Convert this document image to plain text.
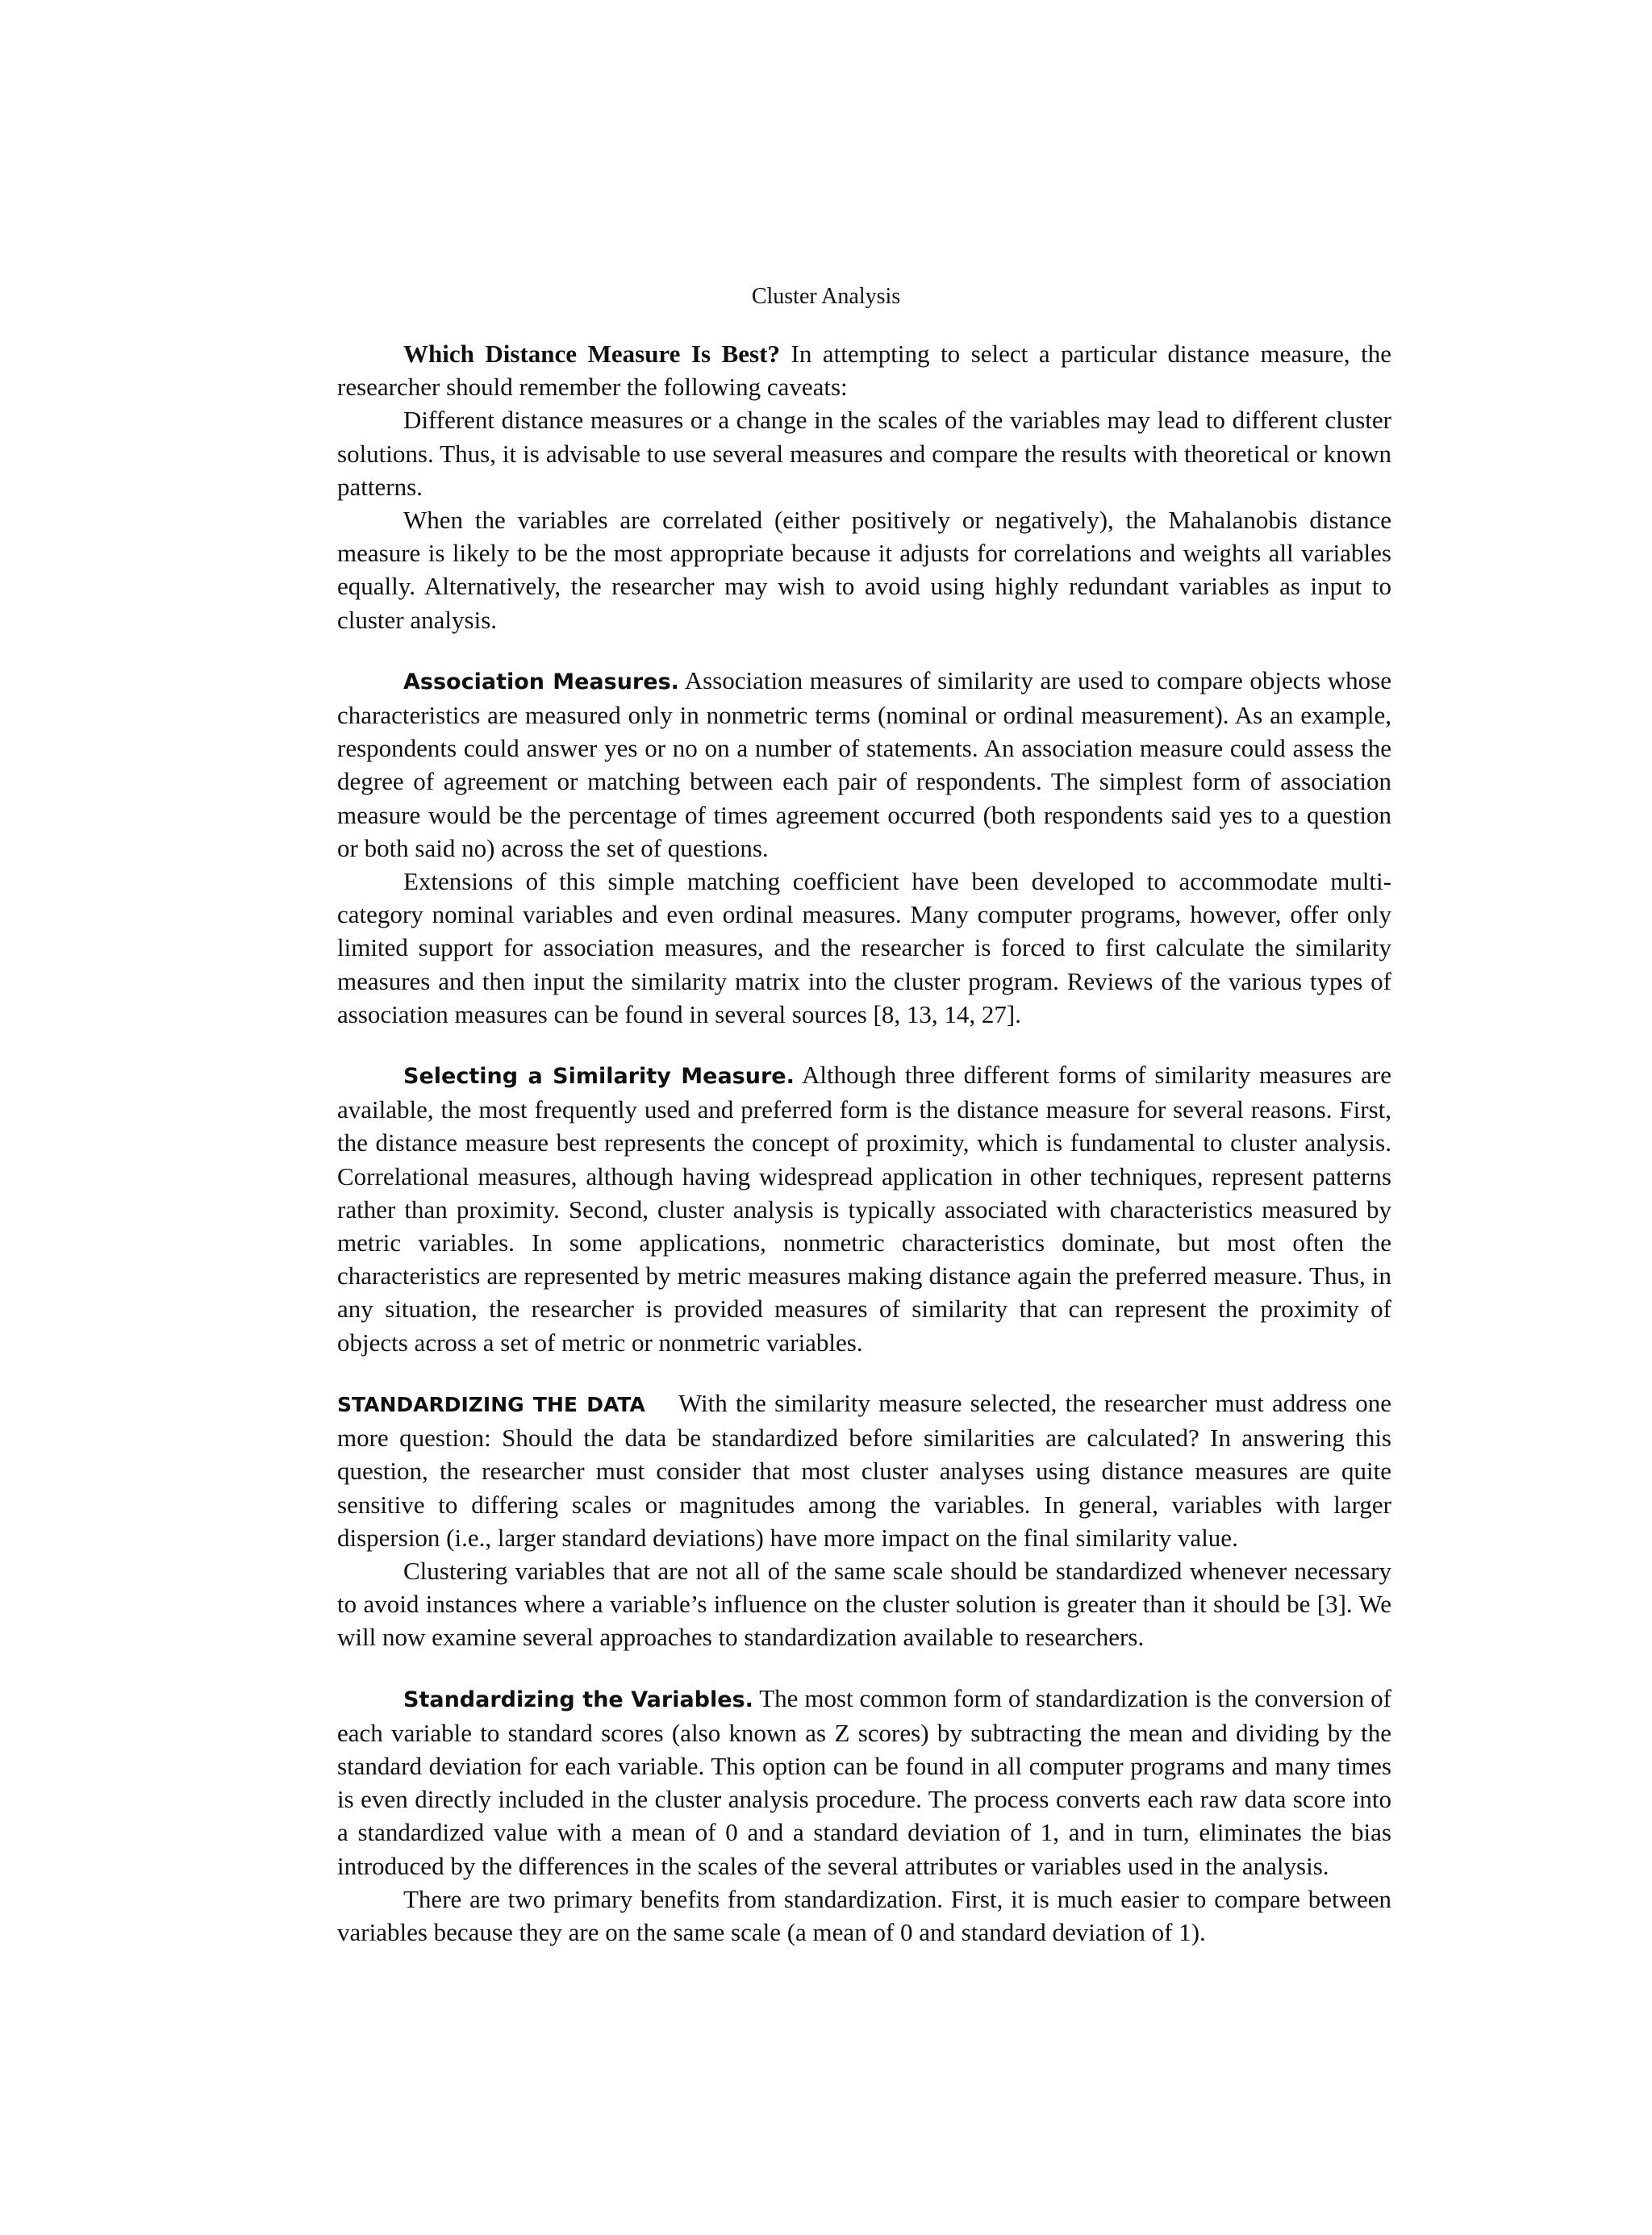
Cluster Analysis

Which Distance Measure Is Best? In attempting to select a particular distance measure, the researcher should remember the following caveats:

Different distance measures or a change in the scales of the variables may lead to different cluster solutions. Thus, it is advisable to use several measures and compare the results with theoretical or known patterns.

When the variables are correlated (either positively or negatively), the Mahalanobis distance measure is likely to be the most appropriate because it adjusts for correlations and weights all variables equally. Alternatively, the researcher may wish to avoid using highly redundant variables as input to cluster analysis.

Association Measures. Association measures of similarity are used to compare objects whose characteristics are measured only in nonmetric terms (nominal or ordinal measurement). As an example, respondents could answer yes or no on a number of statements. An association measure could assess the degree of agreement or matching between each pair of respondents. The simplest form of association measure would be the percentage of times agreement occurred (both respondents said yes to a question or both said no) across the set of questions.

Extensions of this simple matching coefficient have been developed to accommodate multicategory nominal variables and even ordinal measures. Many computer programs, however, offer only limited support for association measures, and the researcher is forced to first calculate the similarity measures and then input the similarity matrix into the cluster program. Reviews of the various types of association measures can be found in several sources [8, 13, 14, 27].

Selecting a Similarity Measure. Although three different forms of similarity measures are available, the most frequently used and preferred form is the distance measure for several reasons. First, the distance measure best represents the concept of proximity, which is fundamental to cluster analysis. Correlational measures, although having widespread application in other techniques, represent patterns rather than proximity. Second, cluster analysis is typically associated with characteristics measured by metric variables. In some applications, nonmetric characteristics dominate, but most often the characteristics are represented by metric measures making distance again the preferred measure. Thus, in any situation, the researcher is provided measures of similarity that can represent the proximity of objects across a set of metric or nonmetric variables.

STANDARDIZING THE DATA With the similarity measure selected, the researcher must address one more question: Should the data be standardized before similarities are calculated? In answering this question, the researcher must consider that most cluster analyses using distance measures are quite sensitive to differing scales or magnitudes among the variables. In general, variables with larger dispersion (i.e., larger standard deviations) have more impact on the final similarity value.

Clustering variables that are not all of the same scale should be standardized whenever necessary to avoid instances where a variable’s influence on the cluster solution is greater than it should be [3]. We will now examine several approaches to standardization available to researchers.

Standardizing the Variables. The most common form of standardization is the conversion of each variable to standard scores (also known as Z scores) by subtracting the mean and dividing by the standard deviation for each variable. This option can be found in all computer programs and many times is even directly included in the cluster analysis procedure. The process converts each raw data score into a standardized value with a mean of 0 and a standard deviation of 1, and in turn, eliminates the bias introduced by the differences in the scales of the several attributes or variables used in the analysis.

There are two primary benefits from standardization. First, it is much easier to compare between variables because they are on the same scale (a mean of 0 and standard deviation of 1).
